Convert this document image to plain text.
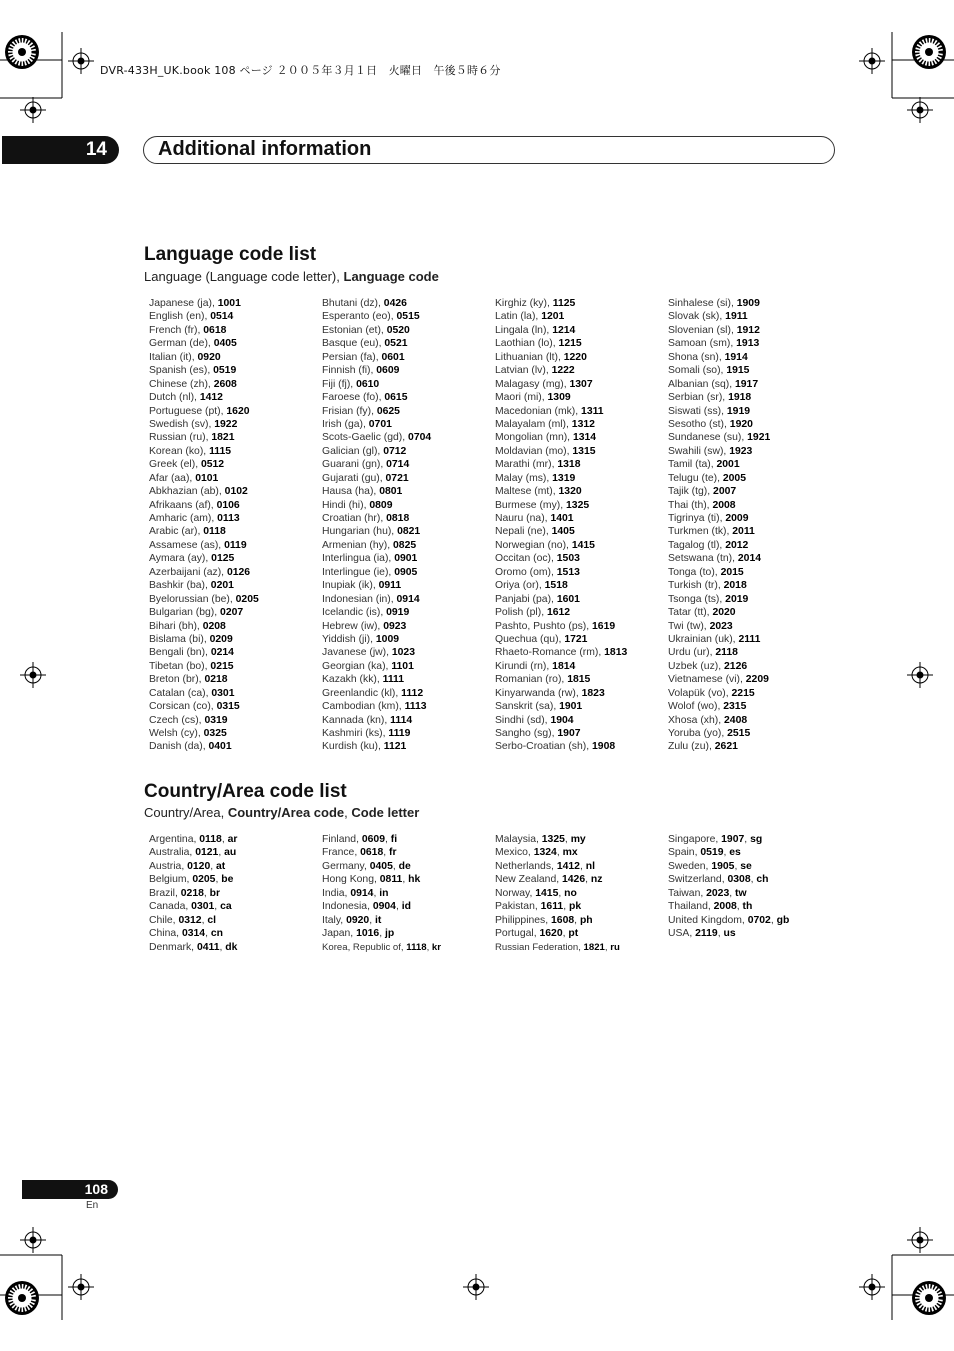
DVR-433H_UK.book 108 ページ ２００５年３月１日　火曜日　午後５時６分
14	Additional information
Language code list
Language (Language code letter), Language code
Japanese (ja), 1001
English (en), 0514
French (fr), 0618
German (de), 0405
Italian (it), 0920
Spanish (es), 0519
Chinese (zh), 2608
Dutch (nl), 1412
Portuguese (pt), 1620
Swedish (sv), 1922
Russian (ru), 1821
Korean (ko), 1115
Greek (el), 0512
Afar (aa), 0101
Abkhazian (ab), 0102
Afrikaans (af), 0106
Amharic (am), 0113
Arabic (ar), 0118
Assamese (as), 0119
Aymara (ay), 0125
Azerbaijani (az), 0126
Bashkir (ba), 0201
Byelorussian (be), 0205
Bulgarian (bg), 0207
Bihari (bh), 0208
Bislama (bi), 0209
Bengali (bn), 0214
Tibetan (bo), 0215
Breton (br), 0218
Catalan (ca), 0301
Corsican (co), 0315
Czech (cs), 0319
Welsh (cy), 0325
Danish (da), 0401
Bhutani (dz), 0426
Esperanto (eo), 0515
Estonian (et), 0520
Basque (eu), 0521
Persian (fa), 0601
Finnish (fi), 0609
Fiji (fj), 0610
Faroese (fo), 0615
Frisian (fy), 0625
Irish (ga), 0701
Scots-Gaelic (gd), 0704
Galician (gl), 0712
Guarani (gn), 0714
Gujarati (gu), 0721
Hausa (ha), 0801
Hindi (hi), 0809
Croatian (hr), 0818
Hungarian (hu), 0821
Armenian (hy), 0825
Interlingua (ia), 0901
Interlingue (ie), 0905
Inupiak (ik), 0911
Indonesian (in), 0914
Icelandic (is), 0919
Hebrew (iw), 0923
Yiddish (ji), 1009
Javanese (jw), 1023
Georgian (ka), 1101
Kazakh (kk), 1111
Greenlandic (kl), 1112
Cambodian (km), 1113
Kannada (kn), 1114
Kashmiri (ks), 1119
Kurdish (ku), 1121
Kirghiz (ky), 1125
Latin (la), 1201
Lingala (ln), 1214
Laothian (lo), 1215
Lithuanian (lt), 1220
Latvian (lv), 1222
Malagasy (mg), 1307
Maori (mi), 1309
Macedonian (mk), 1311
Malayalam (ml), 1312
Mongolian (mn), 1314
Moldavian (mo), 1315
Marathi (mr), 1318
Malay (ms), 1319
Maltese (mt), 1320
Burmese (my), 1325
Nauru (na), 1401
Nepali (ne), 1405
Norwegian (no), 1415
Occitan (oc), 1503
Oromo (om), 1513
Oriya (or), 1518
Panjabi (pa), 1601
Polish (pl), 1612
Pashto, Pushto (ps), 1619
Quechua (qu), 1721
Rhaeto-Romance (rm), 1813
Kirundi (rn), 1814
Romanian (ro), 1815
Kinyarwanda (rw), 1823
Sanskrit (sa), 1901
Sindhi (sd), 1904
Sangho (sg), 1907
Serbo-Croatian (sh), 1908
Sinhalese (si), 1909
Slovak (sk), 1911
Slovenian (sl), 1912
Samoan (sm), 1913
Shona (sn), 1914
Somali (so), 1915
Albanian (sq), 1917
Serbian (sr), 1918
Siswati (ss), 1919
Sesotho (st), 1920
Sundanese (su), 1921
Swahili (sw), 1923
Tamil (ta), 2001
Telugu (te), 2005
Tajik (tg), 2007
Thai (th), 2008
Tigrinya (ti), 2009
Turkmen (tk), 2011
Tagalog (tl), 2012
Setswana (tn), 2014
Tonga (to), 2015
Turkish (tr), 2018
Tsonga (ts), 2019
Tatar (tt), 2020
Twi (tw), 2023
Ukrainian (uk), 2111
Urdu (ur), 2118
Uzbek (uz), 2126
Vietnamese (vi), 2209
Volapük (vo), 2215
Wolof (wo), 2315
Xhosa (xh), 2408
Yoruba (yo), 2515
Zulu (zu), 2621
Country/Area code list
Country/Area, Country/Area code, Code letter
Argentina, 0118, ar
Australia, 0121, au
Austria, 0120, at
Belgium, 0205, be
Brazil, 0218, br
Canada, 0301, ca
Chile, 0312, cl
China, 0314, cn
Denmark, 0411, dk
Finland, 0609, fi
France, 0618, fr
Germany, 0405, de
Hong Kong, 0811, hk
India, 0914, in
Indonesia, 0904, id
Italy, 0920, it
Japan, 1016, jp
Korea, Republic of, 1118, kr
Malaysia, 1325, my
Mexico, 1324, mx
Netherlands, 1412, nl
New Zealand, 1426, nz
Norway, 1415, no
Pakistan, 1611, pk
Philippines, 1608, ph
Portugal, 1620, pt
Russian Federation, 1821, ru
Singapore, 1907, sg
Spain, 0519, es
Sweden, 1905, se
Switzerland, 0308, ch
Taiwan, 2023, tw
Thailand, 2008, th
United Kingdom, 0702, gb
USA, 2119, us
108
En
